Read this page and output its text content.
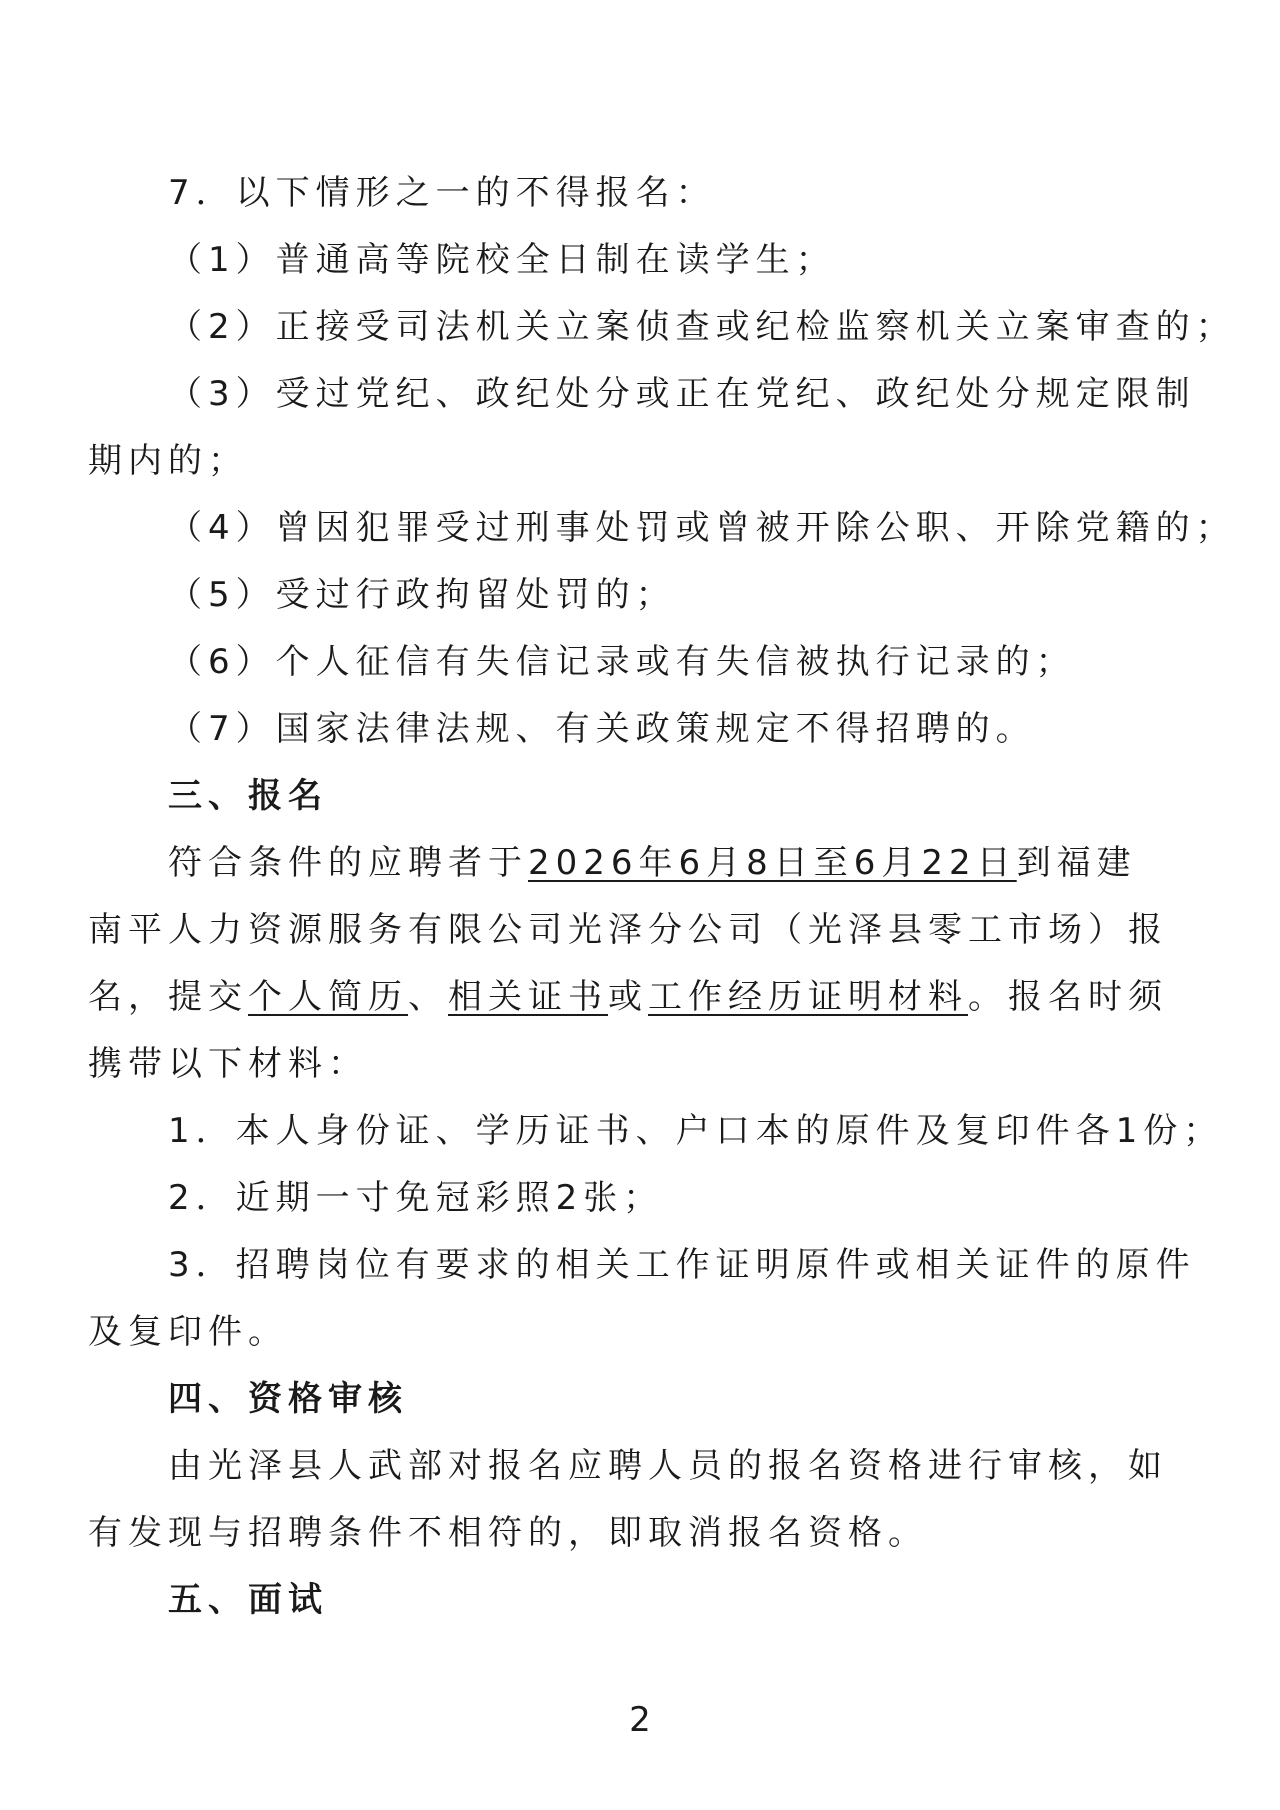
7．以下情形之一的不得报名：
（1）普通高等院校全日制在读学生；
（2）正接受司法机关立案侦查或纪检监察机关立案审查的；
（3）受过党纪、政纪处分或正在党纪、政纪处分规定限制
期内的；
（4）曾因犯罪受过刑事处罚或曾被开除公职、开除党籍的；
（5）受过行政拘留处罚的；
（6）个人征信有失信记录或有失信被执行记录的；
（7）国家法律法规、有关政策规定不得招聘的。
三、报名
符合条件的应聘者于2026年6月8日至6月22日到福建
南平人力资源服务有限公司光泽分公司（光泽县零工市场）报
名，提交个人简历、相关证书或工作经历证明材料。报名时须
携带以下材料：
1．本人身份证、学历证书、户口本的原件及复印件各1份；
2．近期一寸免冠彩照2张；
3．招聘岗位有要求的相关工作证明原件或相关证件的原件
及复印件。
四、资格审核
由光泽县人武部对报名应聘人员的报名资格进行审核，如
有发现与招聘条件不相符的，即取消报名资格。
五、面试
2
